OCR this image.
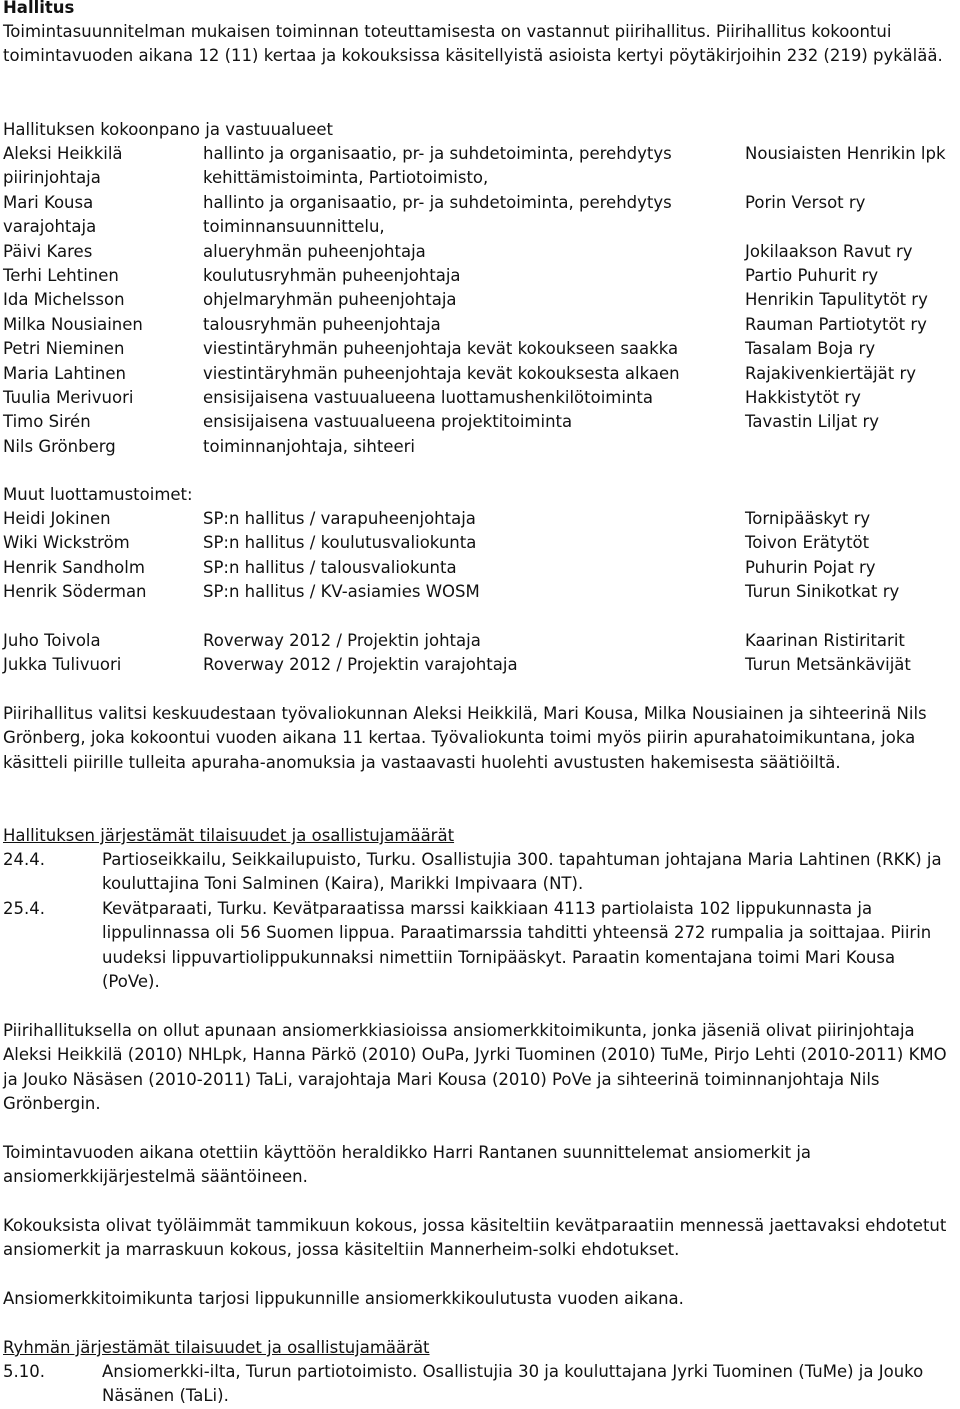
Hallitus

Toimintasuunnitelman mukaisen toiminnan toteuttamisesta on vastannut piirihallitus. Piirihallitus kokoontui toimintavuoden aikana 12 (11) kertaa ja kokouksissa käsitellyistä asioista kertyi pöytäkirjoihin 232 (219) pykälää.

Hallituksen kokoonpano ja vastuualueet
Aleksi Heikkilä	hallinto ja organisaatio, pr- ja suhdetoiminta, perehdytys	Nousiaisten Henrikin lpk
piirinjohtaja	kehittämistoiminta, Partiotoimisto,
Mari Kousa	hallinto ja organisaatio, pr- ja suhdetoiminta, perehdytys	Porin Versot ry
varajohtaja	toiminnansuunnittelu,
Päivi Kares	alueryhmän puheenjohtaja	Jokilaakson Ravut ry
Terhi Lehtinen	koulutusryhmän puheenjohtaja	Partio Puhurit ry
Ida Michelsson	ohjelmaryhmän puheenjohtaja	Henrikin Tapulitytöt ry
Milka Nousiainen	talousryhmän puheenjohtaja	Rauman Partiotytöt ry
Petri Nieminen	viestintäryhmän puheenjohtaja kevät kokoukseen saakka	Tasalam Boja ry
Maria Lahtinen	viestintäryhmän puheenjohtaja kevät kokouksesta alkaen	Rajakivenkiertäjät ry
Tuulia Merivuori	ensisijaisena vastuualueena luottamushenkilötoiminta	Hakkistytöt ry
Timo Sirén	ensisijaisena vastuualueena projektitoiminta	Tavastin Liljat ry
Nils Grönberg	toiminnanjohtaja, sihteeri
Muut luottamustoimet:
Heidi Jokinen	SP:n hallitus / varapuheenjohtaja	Tornipääskyt ry
Wiki Wickström	SP:n hallitus / koulutusvaliokunta	Toivon Erätytöt
Henrik Sandholm	SP:n hallitus / talousvaliokunta	Puhurin Pojat ry
Henrik Söderman	SP:n hallitus / KV-asiamies WOSM	Turun Sinikotkat ry
Juho Toivola	Roverway 2012 / Projektin johtaja	Kaarinan Ristiritarit
Jukka Tulivuori	Roverway 2012 / Projektin varajohtaja	Turun Metsänkävijät

Piirihallitus valitsi keskuudestaan työvaliokunnan Aleksi Heikkilä, Mari Kousa, Milka Nousiainen ja sihteerinä Nils Grönberg, joka kokoontui vuoden aikana 11 kertaa. Työvaliokunta toimi myös piirin apurahatoimikuntana, joka käsitteli piirille tulleita apuraha-anomuksia ja vastaavasti huolehti avustusten hakemisesta säätiöiltä.

Hallituksen järjestämät tilaisuudet ja osallistujamäärät
24.4.	Partioseikkailu, Seikkailupuisto, Turku. Osallistujia 300. tapahtuman johtajana Maria Lahtinen (RKK) ja kouluttajina Toni Salminen (Kaira), Marikki Impivaara (NT).
25.4.	Kevätparaati, Turku. Kevätparaatissa marssi kaikkiaan 4113 partiolaista 102 lippukunnasta ja lippulinnassa oli 56 Suomen lippua. Paraatimarssia tahditti yhteensä 272 rumpalia ja soittajaa. Piirin uudeksi lippuvartiolippukunnaksi nimettiin Tornipääskyt. Paraatin komentajana toimi Mari Kousa (PoVe).

Piirihallituksella on ollut apunaan ansiomerkkiasioissa ansiomerkkitoimikunta, jonka jäseniä olivat piirinjohtaja Aleksi Heikkilä (2010) NHLpk, Hanna Pärkö (2010) OuPa, Jyrki Tuominen (2010) TuMe, Pirjo Lehti (2010-2011) KMO ja Jouko Näsäsen (2010-2011) TaLi, varajohtaja Mari Kousa (2010) PoVe ja sihteerinä toiminnanjohtaja Nils Grönbergin.

Toimintavuoden aikana otettiin käyttöön heraldikko Harri Rantanen suunnittelemat ansiomerkit ja ansiomerkkijärjestelmä sääntöineen.

Kokouksista olivat työläimmät tammikuun kokous, jossa käsiteltiin kevätparaatiin mennessä jaettavaksi ehdotetut ansiomerkit ja marraskuun kokous, jossa käsiteltiin Mannerheim-solki ehdotukset.

Ansiomerkkitoimikunta tarjosi lippukunnille ansiomerkkikoulutusta vuoden aikana.

Ryhmän järjestämät tilaisuudet ja osallistujamäärät
5.10.	Ansiomerkki-ilta, Turun partiotoimisto. Osallistujia 30 ja kouluttajana Jyrki Tuominen (TuMe) ja Jouko Näsänen (TaLi).
